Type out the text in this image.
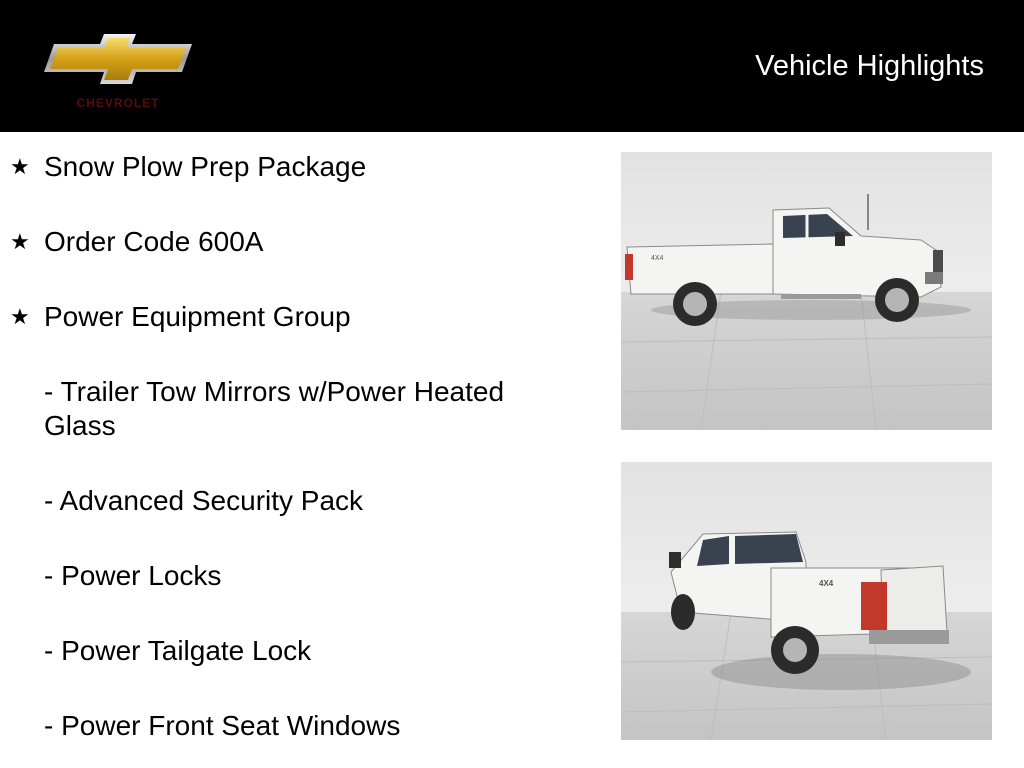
CHEVROLET
Vehicle Highlights
★ Snow Plow Prep Package
★ Order Code 600A
★ Power Equipment Group
- Trailer Tow Mirrors w/Power Heated Glass
- Advanced Security Pack
- Power Locks
- Power Tailgate Lock
- Power Front Seat Windows
4X4
4X4
